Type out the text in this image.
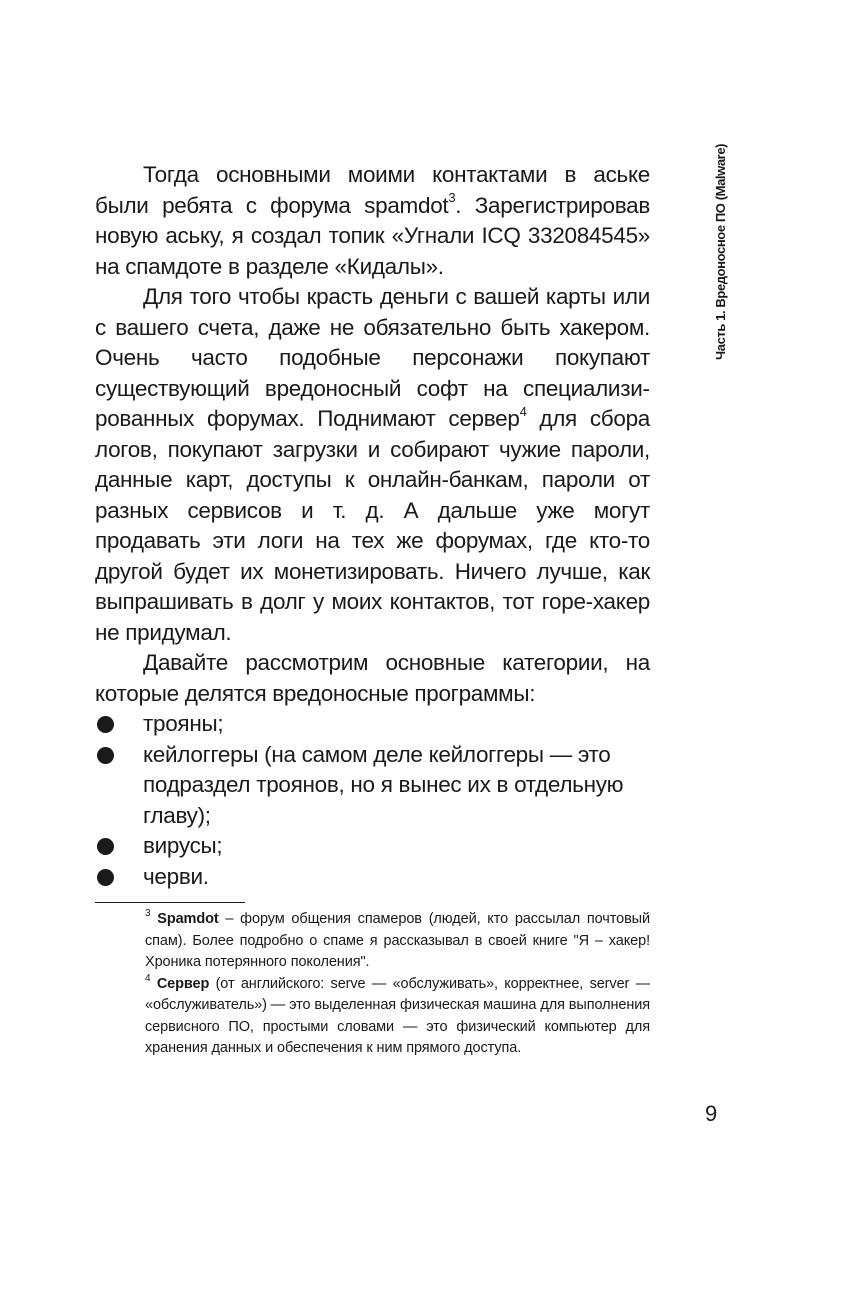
Часть 1. Вредоносное ПО (Malware)

Тогда основными моими контактами в аське были ребята с форума spamdot$^3$. Зарегистрировав новую аську, я создал топик «Угнали ICQ 332084545» на спамдоте в разделе «Кидалы».

Для того чтобы красть деньги с вашей карты или с вашего счета, даже не обязательно быть хакером. Очень часто подобные персонажи покупают существующий вредоносный софт на специализированных форумах. Поднимают сервер$^4$ для сбора логов, покупают загрузки и собирают чужие пароли, данные карт, доступы к онлайн-банкам, пароли от разных сервисов и т. д. А дальше уже могут продавать эти логи на тех же форумах, где кто-то другой будет их монетизировать. Ничего лучше, как выпрашивать в долг у моих контактов, тот горе-хакер не придумал.

Давайте рассмотрим основные категории, на которые делятся вредоносные программы:

трояны;
кейлоггеры (на самом деле кейлоггеры — это подраздел троянов, но я вынес их в отдельную главу);
вирусы;
черви.

$^3$ Spamdot – форум общения спамеров (людей, кто рассылал почтовый спам). Более подробно о спаме я рассказывал в своей книге "Я – хакер! Хроника потерянного поколения".

$^4$ Сервер (от английского: serve — «обслуживать», корректнее, server — «обслуживатель») — это выделенная физическая машина для выполнения сервисного ПО, простыми словами — это физический компьютер для хранения данных и обеспечения к ним прямого доступа.

9
